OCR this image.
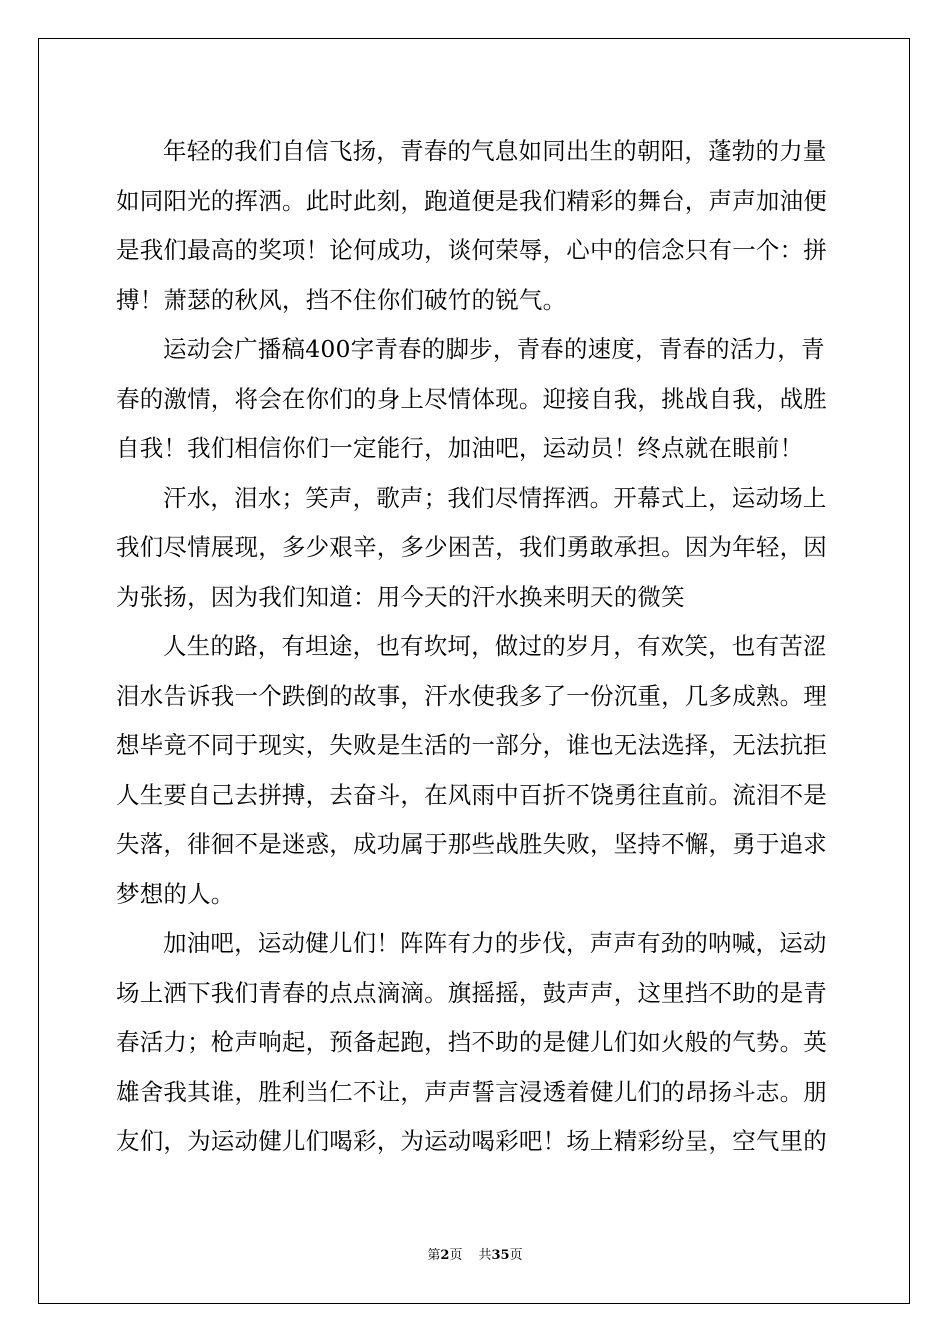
年轻的我们自信飞扬，青春的气息如同出生的朝阳，蓬勃的力量如同阳光的挥洒。此时此刻，跑道便是我们精彩的舞台，声声加油便是我们最高的奖项！论何成功，谈何荣辱，心中的信念只有一个：拼搏！萧瑟的秋风，挡不住你们破竹的锐气。

运动会广播稿400字青春的脚步，青春的速度，青春的活力，青春的激情，将会在你们的身上尽情体现。迎接自我，挑战自我，战胜自我！我们相信你们一定能行，加油吧，运动员！终点就在眼前！

汗水，泪水；笑声，歌声；我们尽情挥洒。开幕式上，运动场上我们尽情展现，多少艰辛，多少困苦，我们勇敢承担。因为年轻，因为张扬，因为我们知道：用今天的汗水换来明天的微笑

人生的路，有坦途，也有坎坷，做过的岁月，有欢笑，也有苦涩泪水告诉我一个跌倒的故事，汗水使我多了一份沉重，几多成熟。理想毕竟不同于现实，失败是生活的一部分，谁也无法选择，无法抗拒人生要自己去拼搏，去奋斗，在风雨中百折不饶勇往直前。流泪不是失落，徘徊不是迷惑，成功属于那些战胜失败，坚持不懈，勇于追求梦想的人。

加油吧，运动健儿们！阵阵有力的步伐，声声有劲的呐喊，运动场上洒下我们青春的点点滴滴。旗摇摇，鼓声声，这里挡不助的是青春活力；枪声响起，预备起跑，挡不助的是健儿们如火般的气势。英雄舍我其谁，胜利当仁不让，声声誓言浸透着健儿们的昂扬斗志。朋友们，为运动健儿们喝彩，为运动喝彩吧！场上精彩纷呈，空气里的

第2页 共35页
